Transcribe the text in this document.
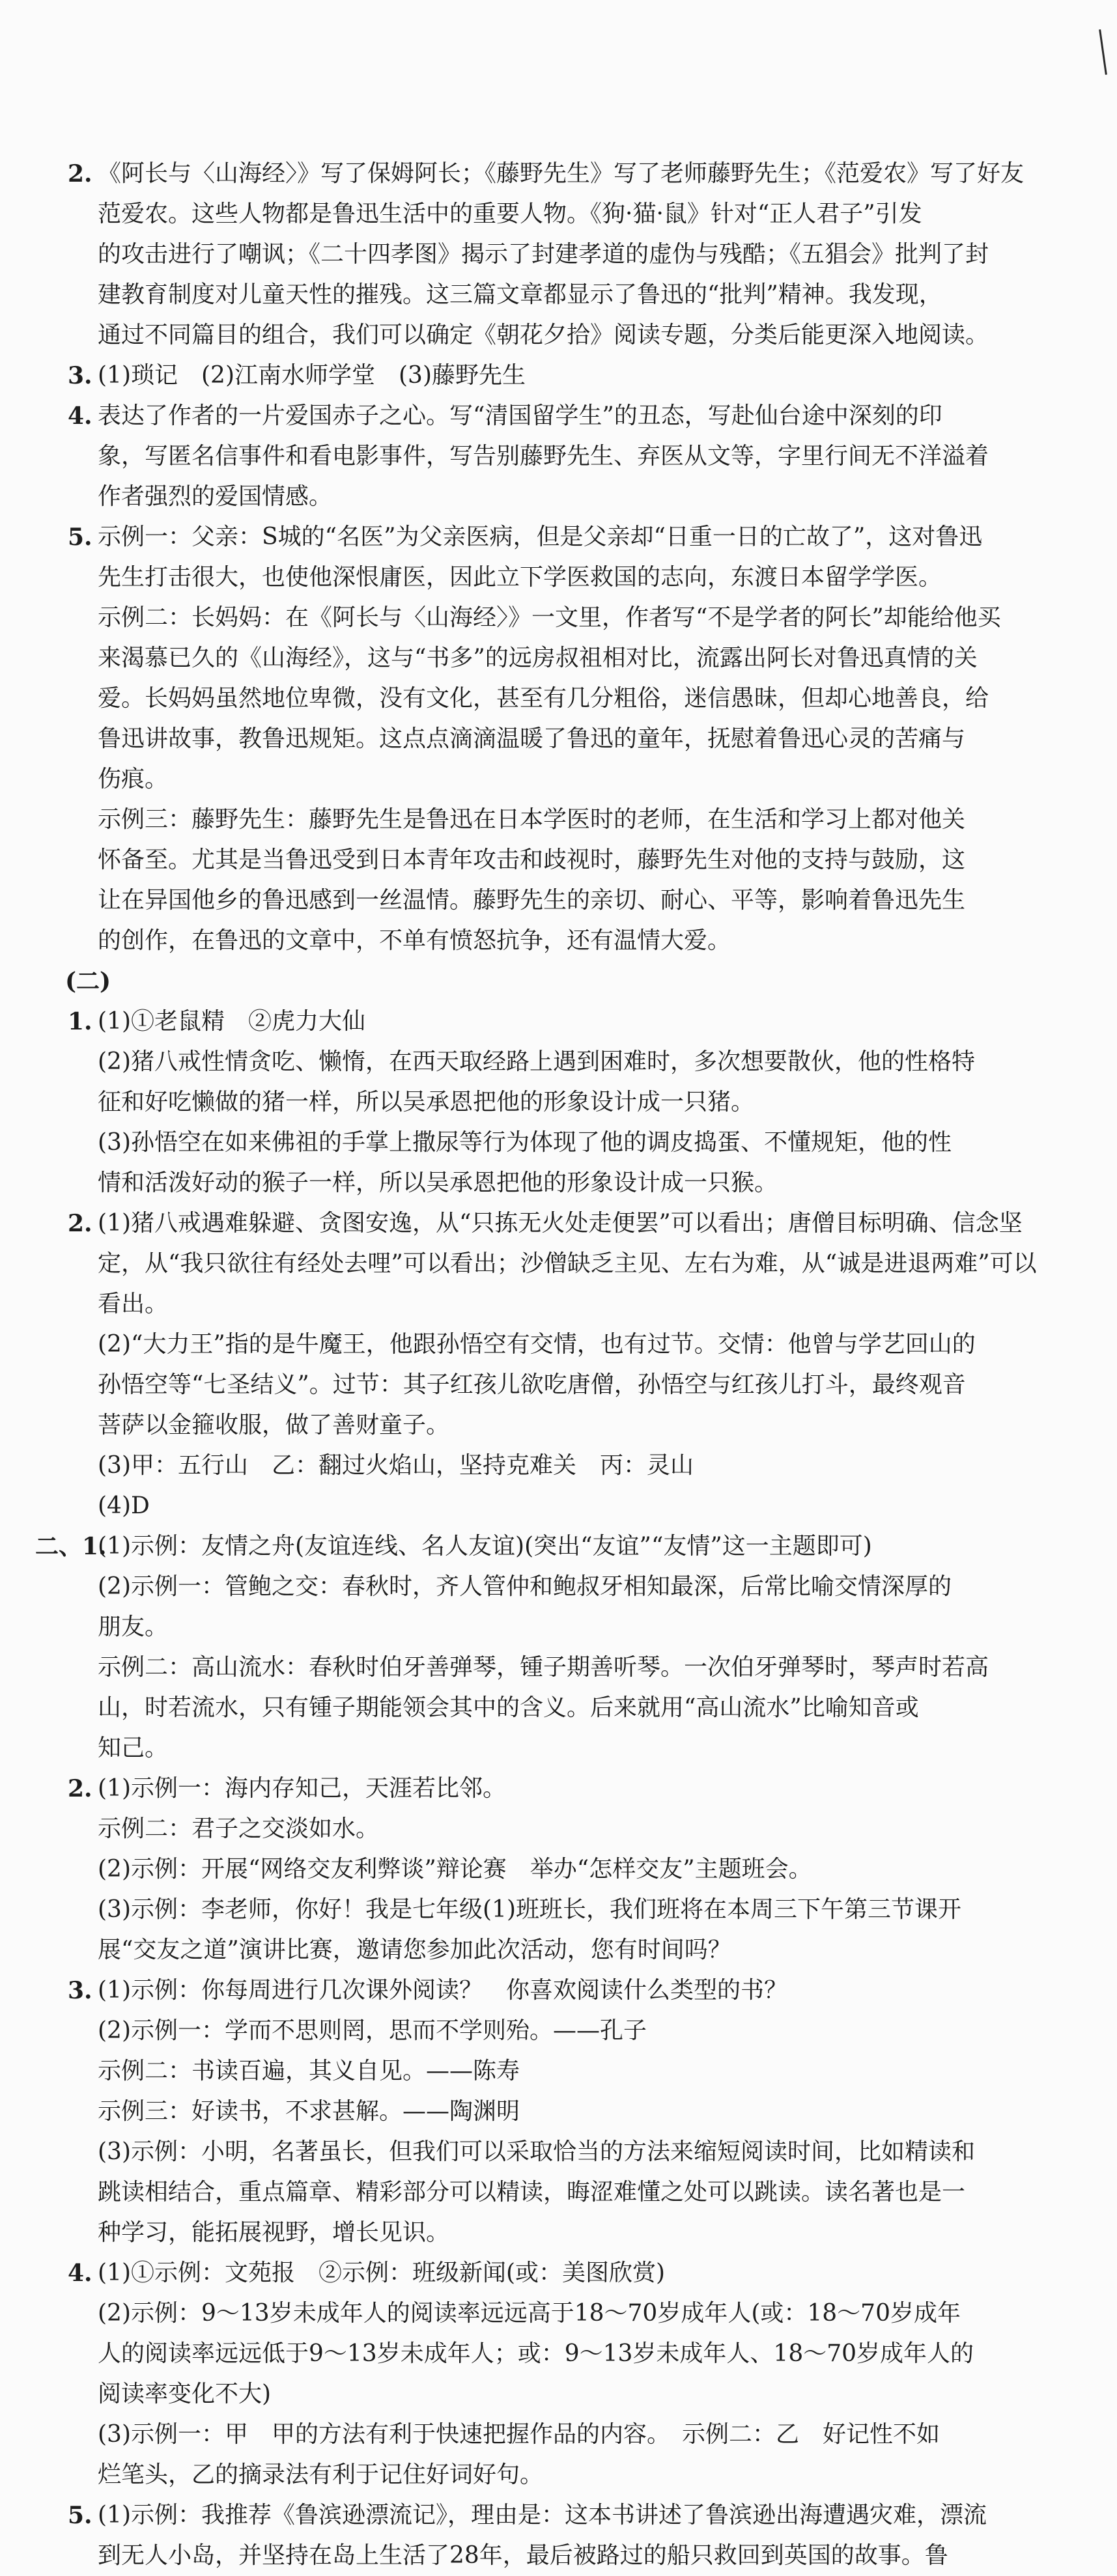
2. 《阿长与〈山海经〉》写了保姆阿长；《藤野先生》写了老师藤野先生；《范爱农》写了好友
范爱农。这些人物都是鲁迅生活中的重要人物。《狗·猫·鼠》针对“正人君子”引发
的攻击进行了嘲讽；《二十四孝图》揭示了封建孝道的虚伪与残酷；《五猖会》批判了封
建教育制度对儿童天性的摧残。这三篇文章都显示了鲁迅的“批判”精神。我发现，
通过不同篇目的组合，我们可以确定《朝花夕拾》阅读专题，分类后能更深入地阅读。
3. (1)琐记　(2)江南水师学堂　(3)藤野先生
4. 表达了作者的一片爱国赤子之心。写“清国留学生”的丑态，写赴仙台途中深刻的印
象，写匿名信事件和看电影事件，写告别藤野先生、弃医从文等，字里行间无不洋溢着
作者强烈的爱国情感。
5. 示例一：父亲：S城的“名医”为父亲医病，但是父亲却“日重一日的亡故了”，这对鲁迅
先生打击很大，也使他深恨庸医，因此立下学医救国的志向，东渡日本留学学医。
示例二：长妈妈：在《阿长与〈山海经〉》一文里，作者写“不是学者的阿长”却能给他买
来渴慕已久的《山海经》，这与“书多”的远房叔祖相对比，流露出阿长对鲁迅真情的关
爱。长妈妈虽然地位卑微，没有文化，甚至有几分粗俗，迷信愚昧，但却心地善良，给
鲁迅讲故事，教鲁迅规矩。这点点滴滴温暖了鲁迅的童年，抚慰着鲁迅心灵的苦痛与
伤痕。
示例三：藤野先生：藤野先生是鲁迅在日本学医时的老师，在生活和学习上都对他关
怀备至。尤其是当鲁迅受到日本青年攻击和歧视时，藤野先生对他的支持与鼓励，这
让在异国他乡的鲁迅感到一丝温情。藤野先生的亲切、耐心、平等，影响着鲁迅先生
的创作，在鲁迅的文章中，不单有愤怒抗争，还有温情大爱。
(二)
1. (1)①老鼠精　②虎力大仙
(2)猪八戒性情贪吃、懒惰，在西天取经路上遇到困难时，多次想要散伙，他的性格特
征和好吃懒做的猪一样，所以吴承恩把他的形象设计成一只猪。
(3)孙悟空在如来佛祖的手掌上撒尿等行为体现了他的调皮捣蛋、不懂规矩，他的性
情和活泼好动的猴子一样，所以吴承恩把他的形象设计成一只猴。
2. (1)猪八戒遇难躲避、贪图安逸，从“只拣无火处走便罢”可以看出；唐僧目标明确、信念坚
定，从“我只欲往有经处去哩”可以看出；沙僧缺乏主见、左右为难，从“诚是进退两难”可以
看出。
(2)“大力王”指的是牛魔王，他跟孙悟空有交情，也有过节。交情：他曾与学艺回山的
孙悟空等“七圣结义”。过节：其子红孩儿欲吃唐僧，孙悟空与红孩儿打斗，最终观音
菩萨以金箍收服，做了善财童子。
(3)甲：五行山　乙：翻过火焰山，坚持克难关　丙：灵山
(4)D
二、1.
(1)示例：友情之舟(友谊连线、名人友谊)(突出“友谊”“友情”这一主题即可)
(2)示例一：管鲍之交：春秋时，齐人管仲和鲍叔牙相知最深，后常比喻交情深厚的
朋友。
示例二：高山流水：春秋时伯牙善弹琴，锺子期善听琴。一次伯牙弹琴时，琴声时若高
山，时若流水，只有锺子期能领会其中的含义。后来就用“高山流水”比喻知音或
知己。
2. (1)示例一：海内存知己，天涯若比邻。
示例二：君子之交淡如水。
(2)示例：开展“网络交友利弊谈”辩论赛　举办“怎样交友”主题班会。
(3)示例：李老师，你好！我是七年级(1)班班长，我们班将在本周三下午第三节课开
展“交友之道”演讲比赛，邀请您参加此次活动，您有时间吗？
3. (1)示例：你每周进行几次课外阅读？　你喜欢阅读什么类型的书？
(2)示例一：学而不思则罔，思而不学则殆。——孔子
示例二：书读百遍，其义自见。——陈寿
示例三：好读书，不求甚解。——陶渊明
(3)示例：小明，名著虽长，但我们可以采取恰当的方法来缩短阅读时间，比如精读和
跳读相结合，重点篇章、精彩部分可以精读，晦涩难懂之处可以跳读。读名著也是一
种学习，能拓展视野，增长见识。
4. (1)①示例：文苑报　②示例：班级新闻(或：美图欣赏)
(2)示例：9～13岁未成年人的阅读率远远高于18～70岁成年人(或：18～70岁成年
人的阅读率远远低于9～13岁未成年人；或：9～13岁未成年人、18～70岁成年人的
阅读率变化不大)
(3)示例一：甲　甲的方法有利于快速把握作品的内容。　示例二：乙　好记性不如
烂笔头，乙的摘录法有利于记住好词好句。
5. (1)示例：我推荐《鲁滨逊漂流记》，理由是：这本书讲述了鲁滨逊出海遭遇灾难，漂流
到无人小岛，并坚持在岛上生活了28年，最后被路过的船只救回到英国的故事。鲁
